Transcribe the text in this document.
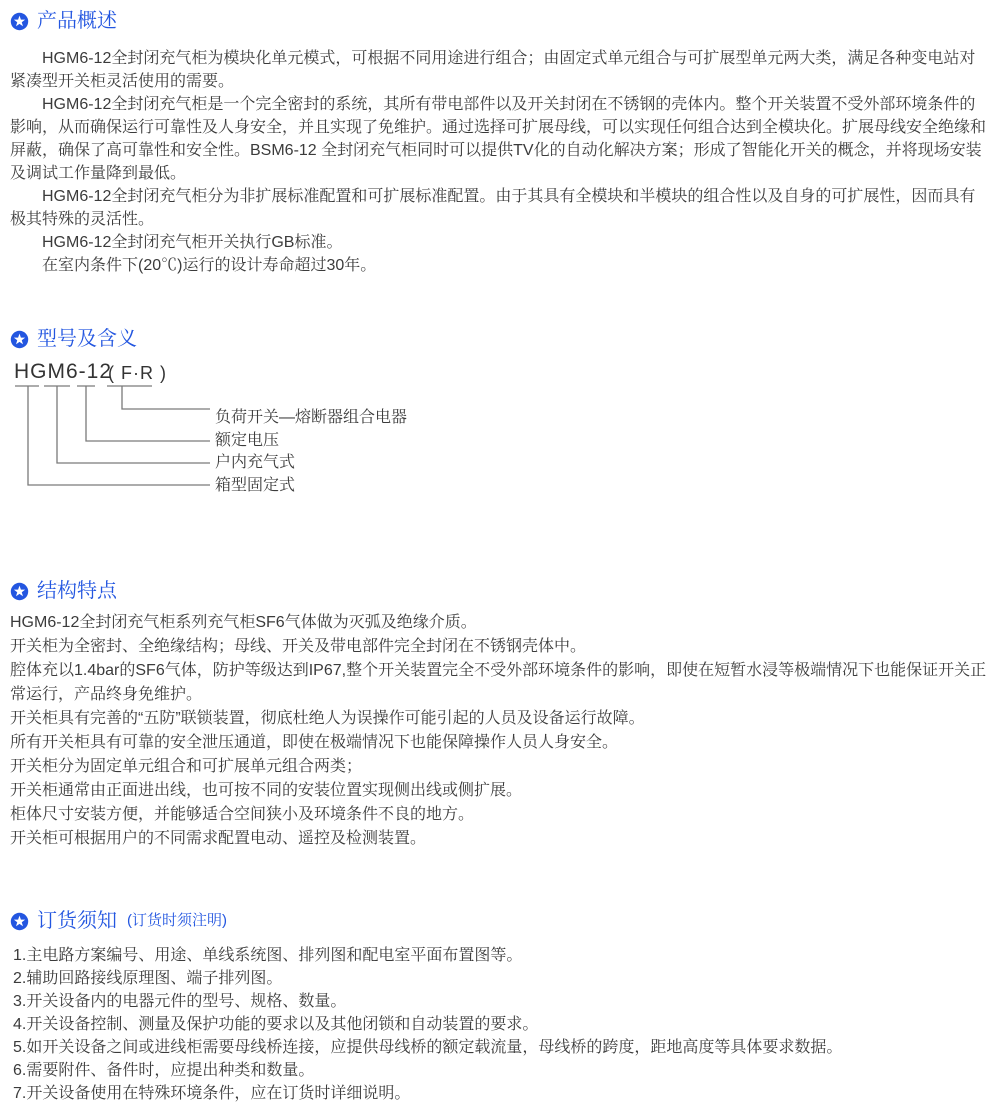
产品概述

HGM6-12全封闭充气柜为模块化单元模式，可根据不同用途进行组合；由固定式单元组合与可扩展型单元两大类，满足各种变电站对紧凑型开关柜灵活使用的需要。

HGM6-12全封闭充气柜是一个完全密封的系统，其所有带电部件以及开关封闭在不锈钢的壳体内。整个开关装置不受外部环境条件的影响，从而确保运行可靠性及人身安全，并且实现了免维护。通过选择可扩展母线，可以实现任何组合达到全模块化。扩展母线安全绝缘和屏蔽，确保了高可靠性和安全性。BSM6-12 全封闭充气柜同时可以提供TV化的自动化解决方案；形成了智能化开关的概念，并将现场安装及调试工作量降到最低。

HGM6-12全封闭充气柜分为非扩展标准配置和可扩展标准配置。由于其具有全模块和半模块的组合性以及自身的可扩展性，因而具有极其特殊的灵活性。

HGM6-12全封闭充气柜开关执行GB标准。

在室内条件下(20℃)运行的设计寿命超过30年。

型号及含义
HGM6-12
( F·R )
负荷开关—熔断器组合电器
额定电压
户内充气式
箱型固定式
结构特点

HGM6-12全封闭充气柜系列充气柜SF6气体做为灭弧及绝缘介质。

开关柜为全密封、全绝缘结构；母线、开关及带电部件完全封闭在不锈钢壳体中。

腔体充以1.4bar的SF6气体，防护等级达到IP67,整个开关装置完全不受外部环境条件的影响，即使在短暂水浸等极端情况下也能保证开关正常运行，产品终身免维护。

开关柜具有完善的“五防”联锁装置，彻底杜绝人为误操作可能引起的人员及设备运行故障。

所有开关柜具有可靠的安全泄压通道，即使在极端情况下也能保障操作人员人身安全。

开关柜分为固定单元组合和可扩展单元组合两类；

开关柜通常由正面进出线，也可按不同的安装位置实现侧出线或侧扩展。

柜体尺寸安装方便，并能够适合空间狭小及环境条件不良的地方。

开关柜可根据用户的不同需求配置电动、遥控及检测装置。

订货须知 (订货时须注明)

1.主电路方案编号、用途、单线系统图、排列图和配电室平面布置图等。

2.辅助回路接线原理图、端子排列图。

3.开关设备内的电器元件的型号、规格、数量。

4.开关设备控制、测量及保护功能的要求以及其他闭锁和自动装置的要求。

5.如开关设备之间或进线柜需要母线桥连接，应提供母线桥的额定载流量，母线桥的跨度，距地高度等具体要求数据。

6.需要附件、备件时，应提出种类和数量。

7.开关设备使用在特殊环境条件，应在订货时详细说明。
